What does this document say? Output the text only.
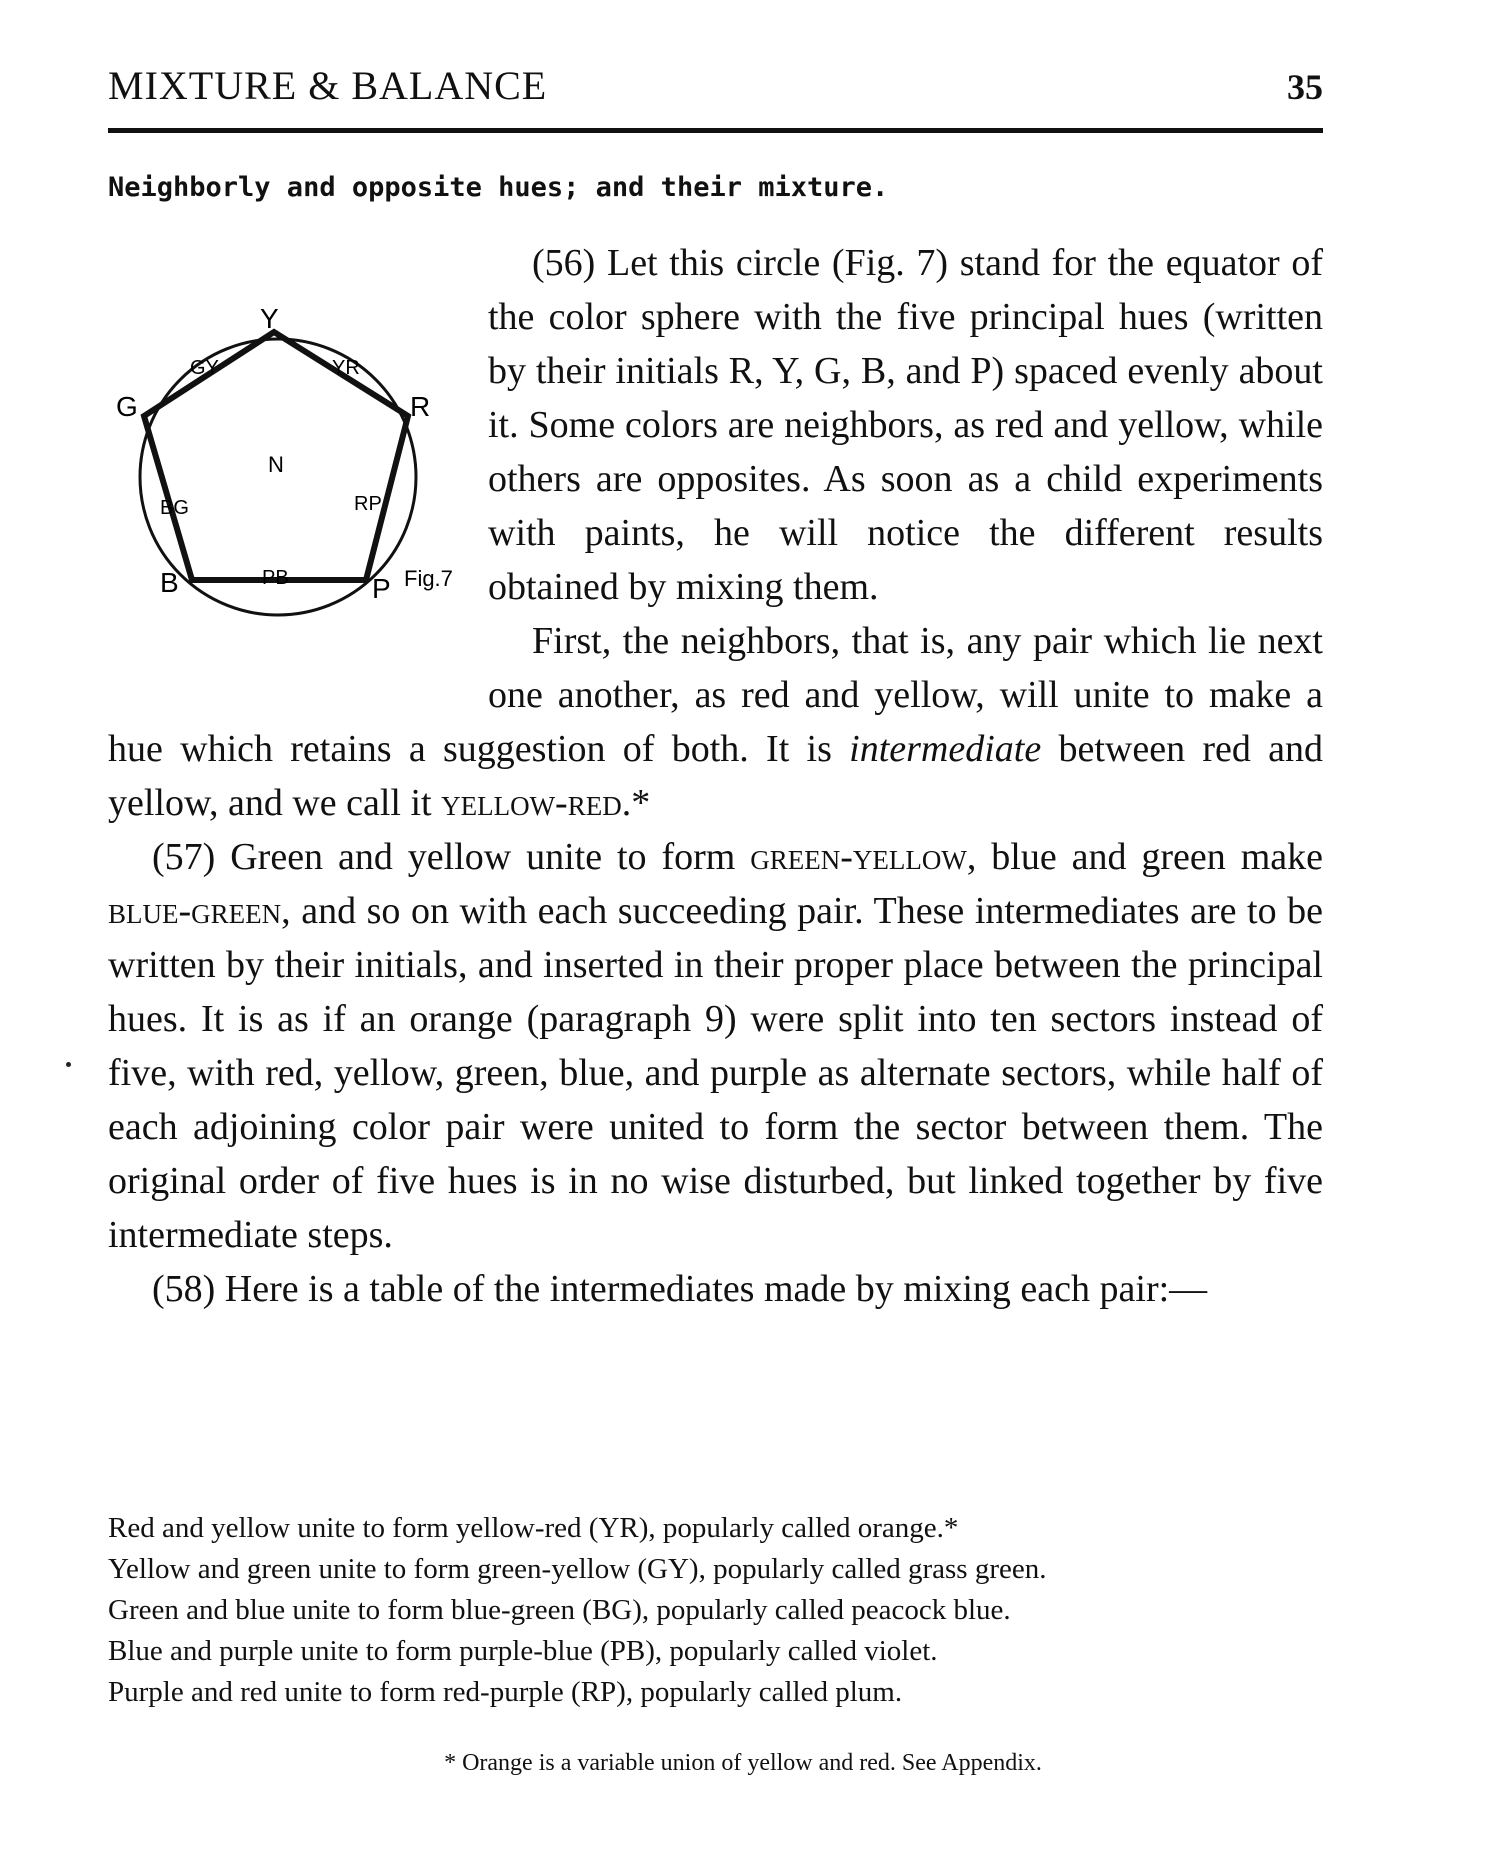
MIXTURE & BALANCE	35
Neighborly and opposite hues; and their mixture.

Y
R
G
B	P
YR
GY
BG
PB
RP
N
Fig.7
(56) Let this circle (Fig. 7) stand for the equator of the color sphere with the five principal hues (written by their initials R, Y, G, B, and P) spaced evenly about it. Some colors are neighbors, as red and yellow, while others are opposites. As soon as a child experiments with paints, he will notice the different results obtained by mixing them.

First, the neighbors, that is, any pair which lie next one another, as red and yellow, will unite to make a hue which retains a suggestion of both. It is intermediate between red and yellow, and we call it yellow-red.*

(57) Green and yellow unite to form green-yellow, blue and green make blue-green, and so on with each succeeding pair. These intermediates are to be written by their initials, and inserted in their proper place between the principal hues. It is as if an orange (paragraph 9) were split into ten sectors instead of five, with red, yellow, green, blue, and purple as alternate sectors, while half of each adjoining color pair were united to form the sector between them. The original order of five hues is in no wise disturbed, but linked together by five intermediate steps.

(58) Here is a table of the intermediates made by mixing each pair:—

Red and yellow unite to form yellow-red (YR), popularly called orange.*
Yellow and green unite to form green-yellow (GY), popularly called grass green.
Green and blue unite to form blue-green (BG), popularly called peacock blue.
Blue and purple unite to form purple-blue (PB), popularly called violet.
Purple and red unite to form red-purple (RP), popularly called plum.
* Orange is a variable union of yellow and red. See Appendix.
